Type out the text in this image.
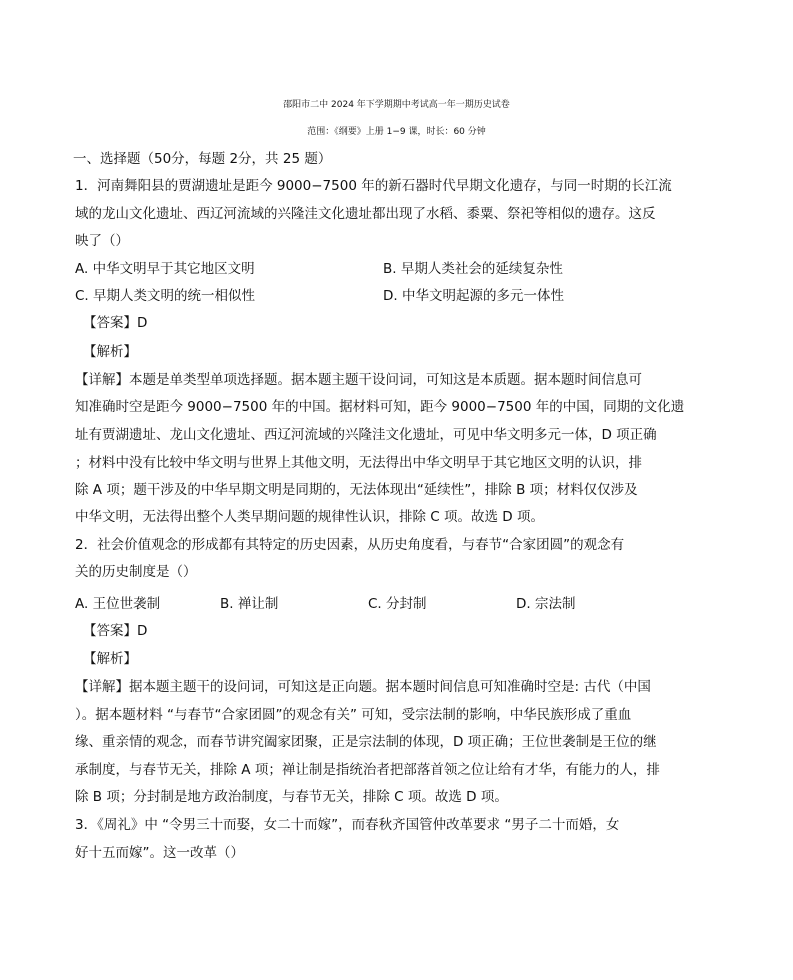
邵阳市二中 2024 年下学期期中考试高一年一期历史试卷
范围：《纲要》上册 1−9 课，时长：60 分钟
一、选择题（50分，每题 2分，共 25 题）
1．河南舞阳县的贾湖遗址是距今 9000−7500 年的新石器时代早期文化遗存，与同一时期的长江流
域的龙山文化遗址、西辽河流域的兴隆洼文化遗址都出现了水稻、黍粟、祭祀等相似的遗存。这反
映了（）
A. 中华文明早于其它地区文明	B. 早期人类社会的延续复杂性
C. 早期人类文明的统一相似性	D. 中华文明起源的多元一体性
【答案】D
【解析】
【详解】本题是单类型单项选择题。据本题主题干设问词，可知这是本质题。据本题时间信息可
知准确时空是距今 9000−7500 年的中国。据材料可知，距今 9000−7500 年的中国，同期的文化遗
址有贾湖遗址、龙山文化遗址、西辽河流域的兴隆洼文化遗址，可见中华文明多元一体，D 项正确
；材料中没有比较中华文明与世界上其他文明，无法得出中华文明早于其它地区文明的认识，排
除 A 项；题干涉及的中华早期文明是同期的，无法体现出“延续性”，排除 B 项；材料仅仅涉及
中华文明，无法得出整个人类早期问题的规律性认识，排除 C 项。故选 D 项。
2．社会价值观念的形成都有其特定的历史因素，从历史角度看，与春节“合家团圆”的观念有
关的历史制度是（）
A. 王位世袭制	B. 禅让制	C. 分封制	D. 宗法制
【答案】D
【解析】
【详解】据本题主题干的设问词，可知这是正向题。据本题时间信息可知准确时空是: 古代（中国
）。据本题材料 “与春节“合家团圆”的观念有关” 可知，受宗法制的影响，中华民族形成了重血
缘、重亲情的观念，而春节讲究阖家团聚，正是宗法制的体现，D 项正确；王位世袭制是王位的继
承制度，与春节无关，排除 A 项；禅让制是指统治者把部落首领之位让给有才华，有能力的人，排
除 B 项；分封制是地方政治制度，与春节无关，排除 C 项。故选 D 项。
3．《周礼》中 “令男三十而娶，女二十而嫁”，而春秋齐国管仲改革要求 “男子二十而婚，女
好十五而嫁”。这一改革（）
